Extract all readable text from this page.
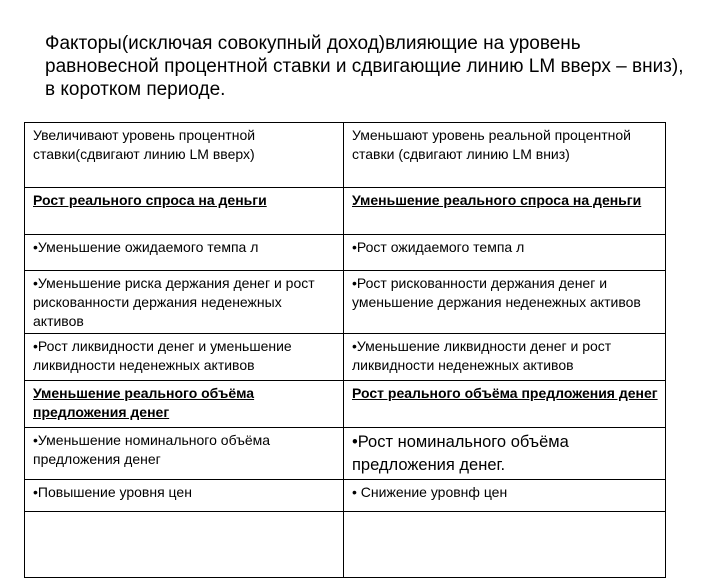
Факторы(исключая совокупный доход)влияющие на уровень равновесной процентной ставки и сдвигающие линию LM вверх – вниз), в коротком периоде.

Увеличивают уровень процентной ставки(сдвигают линию LM вверх)	Уменьшают уровень реальной процентной ставки (сдвигают линию LM вниз)
Рост реального спроса на деньги	Уменьшение реального спроса на деньги
•Уменьшение ожидаемого темпа л	•Рост ожидаемого темпа л
•Уменьшение риска держания денег и рост рискованности держания неденежных активов	•Рост рискованности держания денег и уменьшение держания неденежных активов
•Рост ликвидности денег и уменьшение ликвидности неденежных активов	•Уменьшение ликвидности денег и рост ликвидности неденежных активов
Уменьшение реального объёма предложения денег	Рост реального объёма предложения денег
•Уменьшение номинального объёма предложения денег	•Рост номинального объёма предложения денег.
•Повышение уровня цен	• Снижение уровнф цен
